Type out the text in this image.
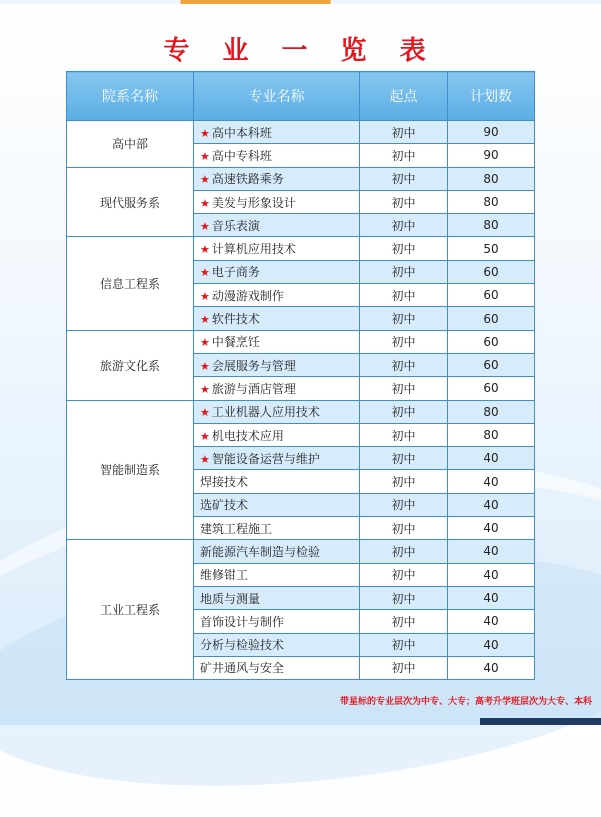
专 业 一 览 表
院系名称	专业名称	起点	计划数
高中部	★ 高中本科班	初中	90
	★ 高中专科班	初中	90
现代服务系	★ 高速铁路乘务	初中	80
	★ 美发与形象设计	初中	80
	★ 音乐表演	初中	80
信息工程系	★ 计算机应用技术	初中	50
	★ 电子商务	初中	60
	★ 动漫游戏制作	初中	60
	★ 软件技术	初中	60
旅游文化系	★ 中餐烹饪	初中	60
	★ 会展服务与管理	初中	60
	★ 旅游与酒店管理	初中	60
智能制造系	★ 工业机器人应用技术	初中	80
	★ 机电技术应用	初中	80
	★ 智能设备运营与维护	初中	40
	焊接技术	初中	40
	选矿技术	初中	40
	建筑工程施工	初中	40
工业工程系	新能源汽车制造与检验	初中	40
	维修钳工	初中	40
	地质与测量	初中	40
	首饰设计与制作	初中	40
	分析与检验技术	初中	40
	矿井通风与安全	初中	40
带星标的专业层次为中专、大专；高考升学班层次为大专、本科
